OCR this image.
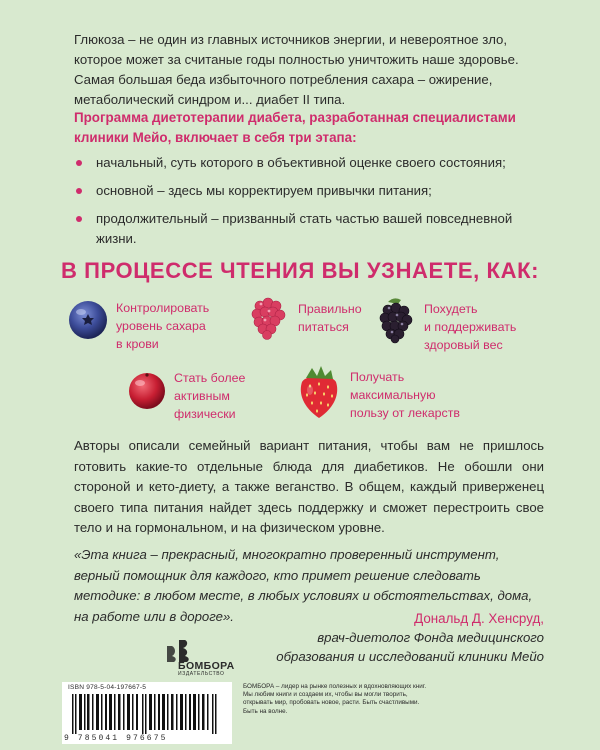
Глюкоза – не один из главных источников энергии, и невероятное зло, которое может за считаные годы полностью уничтожить наше здоровье. Самая большая беда избыточного потребления сахара – ожирение, метаболический синдром и... диабет II типа.

Программа диетотерапии диабета, разработанная специалистами клиники Мейо, включает в себя три этапа:

начальный, суть которого в объективной оценке своего состояния;
основной – здесь мы корректируем привычки питания;
продолжительный – призванный стать частью вашей повседневной жизни.
В ПРОЦЕССЕ ЧТЕНИЯ ВЫ УЗНАЕТЕ, КАК:
Контролировать
уровень сахара
в крови
Правильно
питаться
Похудеть
и поддерживать
здоровый вес
Стать более
активным
физически
Получать
максимальную
пользу от лекарств

Авторы описали семейный вариант питания, чтобы вам не пришлось готовить какие-то отдельные блюда для диабетиков. Не обошли они стороной и кето-диету, а также веганство. В общем, каждый приверженец своего типа питания найдет здесь поддержку и сможет перестроить свое тело и на гормональном, и на физическом уровне.

«Эта книга – прекрасный, многократно проверенный инструмент, верный помощник для каждого, кто примет решение следовать методике: в любом месте, в любых условиях и обстоятельствах, дома, на работе или в дороге».	Дональд Д. Хенсруд,

врач-диетолог Фонда медицинского образования и исследований клиники Мейо

БОМБОРА
ИЗДАТЕЛЬСТВО
ISBN 978-5-04-197667-5
9 785041 976675

БОМБОРА – лидер на рынке полезных и вдохновляющих книг. Мы любим книги и создаем их, чтобы вы могли творить, открывать мир, пробовать новое, расти. Быть счастливыми. Быть на волне.
